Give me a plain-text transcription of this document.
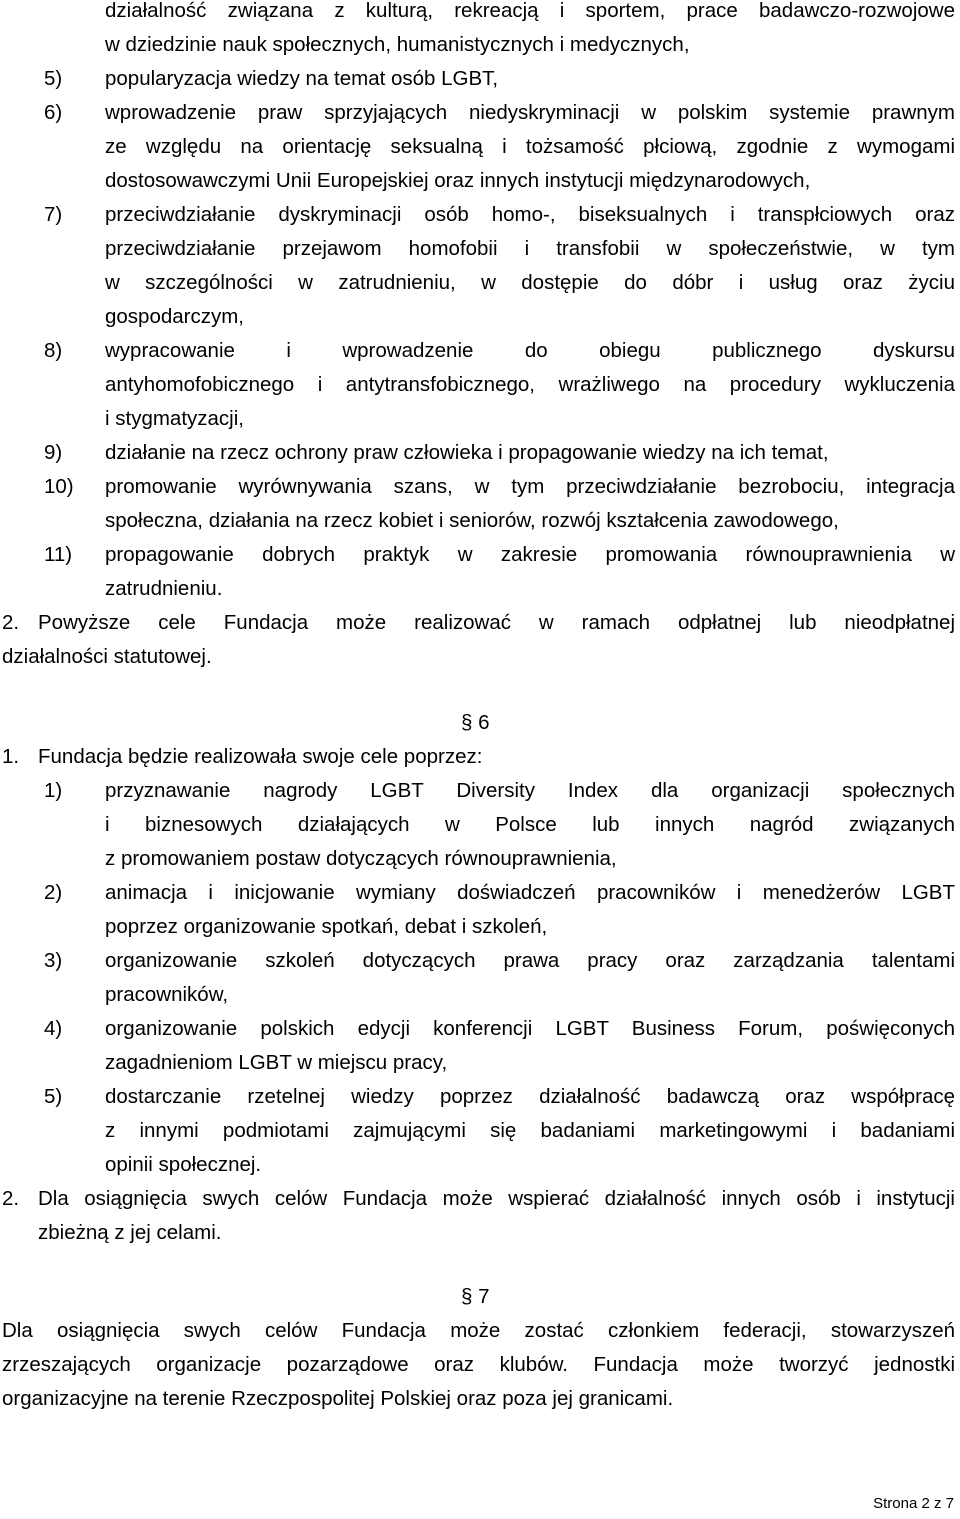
działalność związana z kulturą, rekreacją i sportem, prace badawczo-rozwojowe
w dziedzinie nauk społecznych, humanistycznych i medycznych,
5) popularyzacja wiedzy na temat osób LGBT,
6) wprowadzenie praw sprzyjających niedyskryminacji w polskim systemie prawnym
ze względu na orientację seksualną i tożsamość płciową, zgodnie z wymogami
dostosowawczymi Unii Europejskiej oraz innych instytucji międzynarodowych,
7) przeciwdziałanie dyskryminacji osób homo-, biseksualnych i transpłciowych oraz
przeciwdziałanie przejawom homofobii i transfobii w społeczeństwie, w tym
w szczególności w zatrudnieniu, w dostępie do dóbr i usług oraz życiu
gospodarczym,
8) wypracowanie i wprowadzenie do obiegu publicznego dyskursu
antyhomofobicznego i antytransfobicznego, wrażliwego na procedury wykluczenia
i stygmatyzacji,
9) działanie na rzecz ochrony praw człowieka i propagowanie wiedzy na ich temat,
10) promowanie wyrównywania szans, w tym przeciwdziałanie bezrobociu, integracja
społeczna, działania na rzecz kobiet i seniorów, rozwój kształcenia zawodowego,
11) propagowanie dobrych praktyk w zakresie promowania równouprawnienia w
zatrudnieniu.
2. Powyższe cele Fundacja może realizować w ramach odpłatnej lub nieodpłatnej
działalności statutowej.
§ 6
1. Fundacja będzie realizowała swoje cele poprzez:
1) przyznawanie nagrody LGBT Diversity Index dla organizacji społecznych
i biznesowych działających w Polsce lub innych nagród związanych
z promowaniem postaw dotyczących równouprawnienia,
2) animacja i inicjowanie wymiany doświadczeń pracowników i menedżerów LGBT
poprzez organizowanie spotkań, debat i szkoleń,
3) organizowanie szkoleń dotyczących prawa pracy oraz zarządzania talentami
pracowników,
4) organizowanie polskich edycji konferencji LGBT Business Forum, poświęconych
zagadnieniom LGBT w miejscu pracy,
5) dostarczanie rzetelnej wiedzy poprzez działalność badawczą oraz współpracę
z innymi podmiotami zajmującymi się badaniami marketingowymi i badaniami
opinii społecznej.
2. Dla osiągnięcia swych celów Fundacja może wspierać działalność innych osób i instytucji
zbieżną z jej celami.
§ 7
Dla osiągnięcia swych celów Fundacja może zostać członkiem federacji, stowarzyszeń
zrzeszających organizacje pozarządowe oraz klubów. Fundacja może tworzyć jednostki
organizacyjne na terenie Rzeczpospolitej Polskiej oraz poza jej granicami.
Strona 2 z 7
